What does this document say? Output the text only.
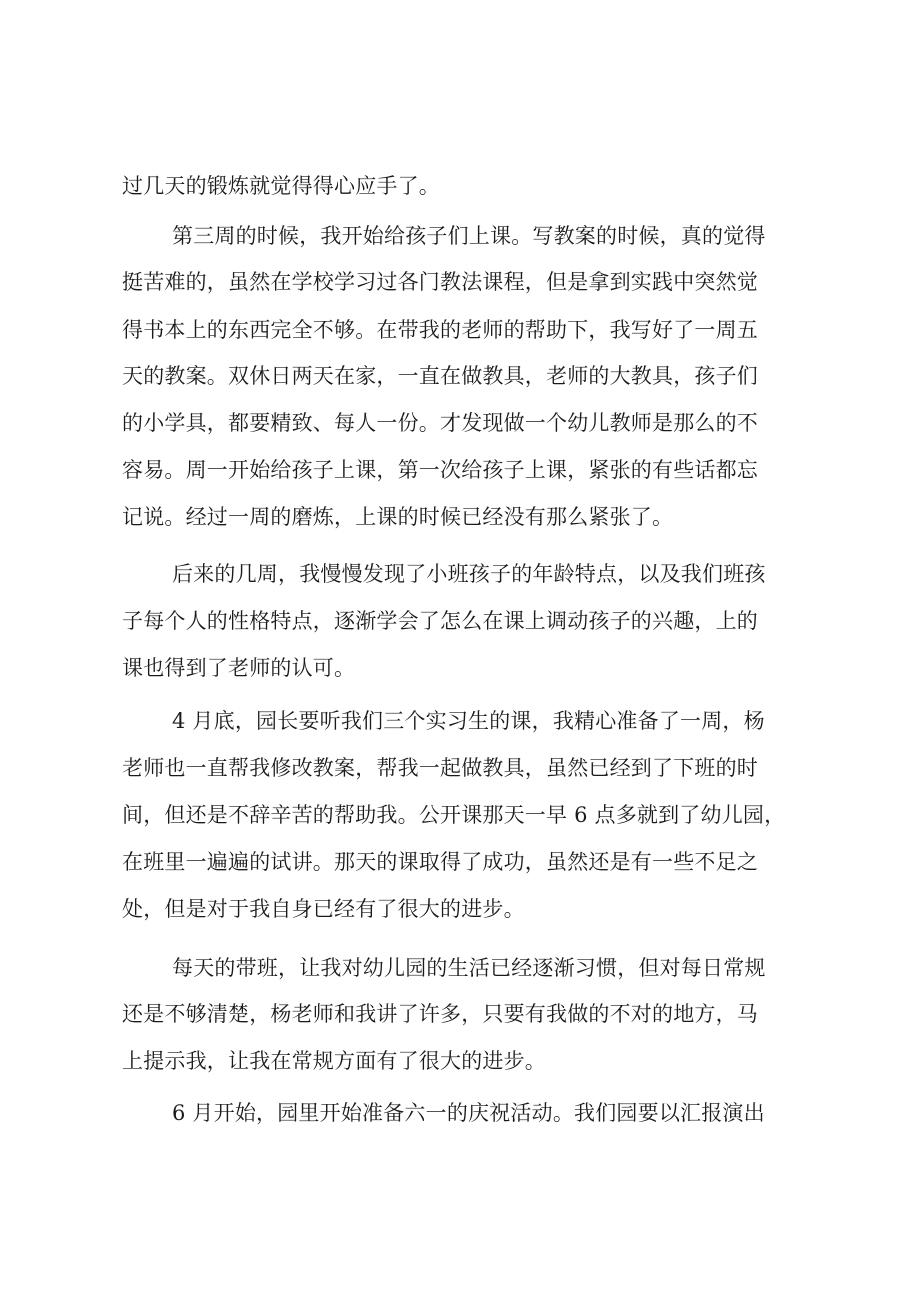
过几天的锻炼就觉得得心应手了。

第三周的时候，我开始给孩子们上课。写教案的时候，真的觉得

挺苦难的，虽然在学校学习过各门教法课程，但是拿到实践中突然觉

得书本上的东西完全不够。在带我的老师的帮助下，我写好了一周五

天的教案。双休日两天在家，一直在做教具，老师的大教具，孩子们

的小学具，都要精致、每人一份。才发现做一个幼儿教师是那么的不

容易。周一开始给孩子上课，第一次给孩子上课，紧张的有些话都忘

记说。经过一周的磨炼，上课的时候已经没有那么紧张了。

后来的几周，我慢慢发现了小班孩子的年龄特点，以及我们班孩

子每个人的性格特点，逐渐学会了怎么在课上调动孩子的兴趣，上的

课也得到了老师的认可。

4 月底，园长要听我们三个实习生的课，我精心准备了一周，杨

老师也一直帮我修改教案，帮我一起做教具，虽然已经到了下班的时

间，但还是不辞辛苦的帮助我。公开课那天一早 6 点多就到了幼儿园，

在班里一遍遍的试讲。那天的课取得了成功，虽然还是有一些不足之

处，但是对于我自身已经有了很大的进步。

每天的带班，让我对幼儿园的生活已经逐渐习惯，但对每日常规

还是不够清楚，杨老师和我讲了许多，只要有我做的不对的地方，马

上提示我，让我在常规方面有了很大的进步。

6 月开始，园里开始准备六一的庆祝活动。我们园要以汇报演出
